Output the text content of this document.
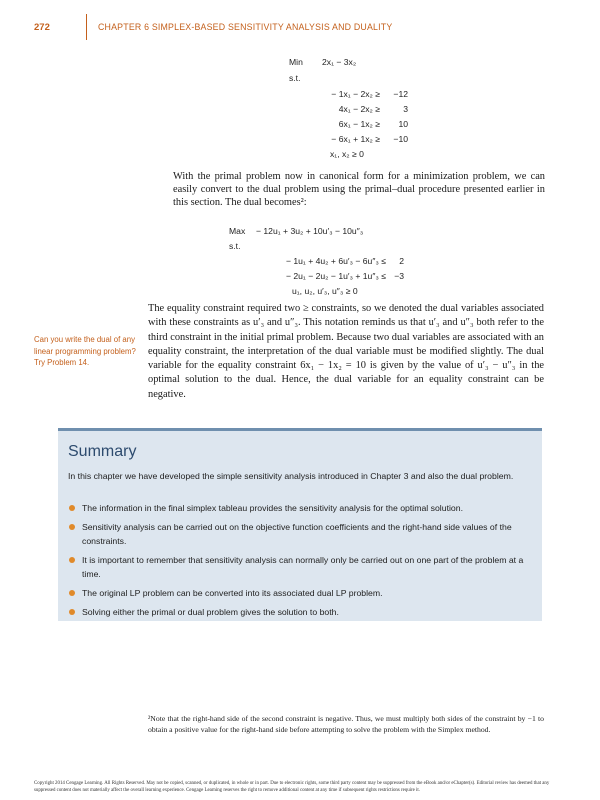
272	CHAPTER 6 SIMPLEX-BASED SENSITIVITY ANALYSIS AND DUALITY
Min 2x₁ − 3x₂
s.t.
− 1x₁ − 2x₂ ≥	−12
4x₁ − 2x₂ ≥	3
6x₁ − 1x₂ ≥	10
− 6x₁ + 1x₂ ≥	−10
x₁, x₂ ≥ 0

With the primal problem now in canonical form for a minimization problem, we can easily convert to the dual problem using the primal–dual procedure presented earlier in this section. The dual becomes²:

Max − 12u₁ + 3u₂ + 10u′₃ − 10u″₃
s.t.
− 1u₁ + 4u₂ + 6u′₃ − 6u″₃ ≤	2
− 2u₁ − 2u₂ − 1u′₃ + 1u″₃ ≤ −3
u₁, u₂, u′₃, u″₃ ≥ 0

The equality constraint required two ≥ constraints, so we denoted the dual variables associated with these constraints as u′₃ and u″₃. This notation reminds us that u′₃ and u″₃ both refer to the third constraint in the initial primal problem. Because two dual variables are associated with an equality constraint, the interpretation of the dual variable must be modified slightly. The dual variable for the equality constraint 6x₁ − 1x₂ = 10 is given by the value of u′₃ − u″₃ in the optimal solution to the dual. Hence, the dual variable for an equality constraint can be negative.

Can you write the dual of any linear programming problem? Try Problem 14.
Summary
In this chapter we have developed the simple sensitivity analysis introduced in Chapter 3 and also the dual problem.
The information in the final simplex tableau provides the sensitivity analysis for the optimal solution.
Sensitivity analysis can be carried out on the objective function coefficients and the right-hand side values of the constraints.
It is important to remember that sensitivity analysis can normally only be carried out on one part of the problem at a time.
The original LP problem can be converted into its associated dual LP problem.
Solving either the primal or dual problem gives the solution to both.
²Note that the right-hand side of the second constraint is negative. Thus, we must multiply both sides of the constraint by −1 to obtain a positive value for the right-hand side before attempting to solve the problem with the Simplex method.
Copyright 2014 Cengage Learning. All Rights Reserved. May not be copied, scanned, or duplicated, in whole or in part. Due to electronic rights, some third party content may be suppressed from the eBook and/or eChapter(s). Editorial review has deemed that any suppressed content does not materially affect the overall learning experience. Cengage Learning reserves the right to remove additional content at any time if subsequent rights restrictions require it.
